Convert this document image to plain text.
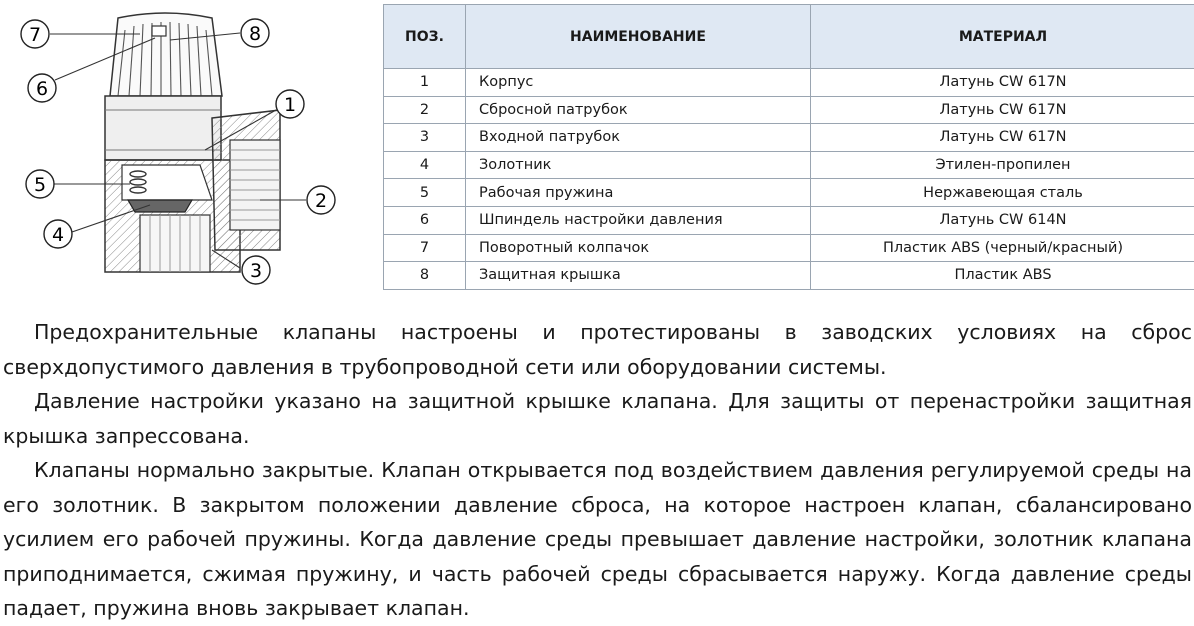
7	8
6
1
5
2
4
3
ПОЗ.	НАИМЕНОВАНИЕ	МАТЕРИАЛ
1	Корпус	Латунь CW 617N
2	Сбросной патрубок	Латунь CW 617N
3	Входной патрубок	Латунь CW 617N
4	Золотник	Этилен-пропилен
5	Рабочая пружина	Нержавеющая сталь
6	Шпиндель настройки давления	Латунь CW 614N
7	Поворотный колпачок	Пластик ABS (черный/красный)
8	Защитная крышка	Пластик ABS

Предохранительные клапаны настроены и протестированы в заводских условиях на сброс сверхдопустимого давления в трубопроводной сети или оборудовании системы.

Давление настройки указано на защитной крышке клапана. Для защиты от перенастройки защитная крышка запрессована.

Клапаны нормально закрытые. Клапан открывается под воздействием давления регулируемой среды на его золотник. В закрытом положении давление сброса, на которое настроен клапан, сбалансировано усилием его рабочей пружины. Когда давление среды превышает давление настройки, золотник клапана приподнимается, сжимая пружину, и часть рабочей среды сбрасывается наружу. Когда давление среды падает, пружина вновь закрывает клапан.
